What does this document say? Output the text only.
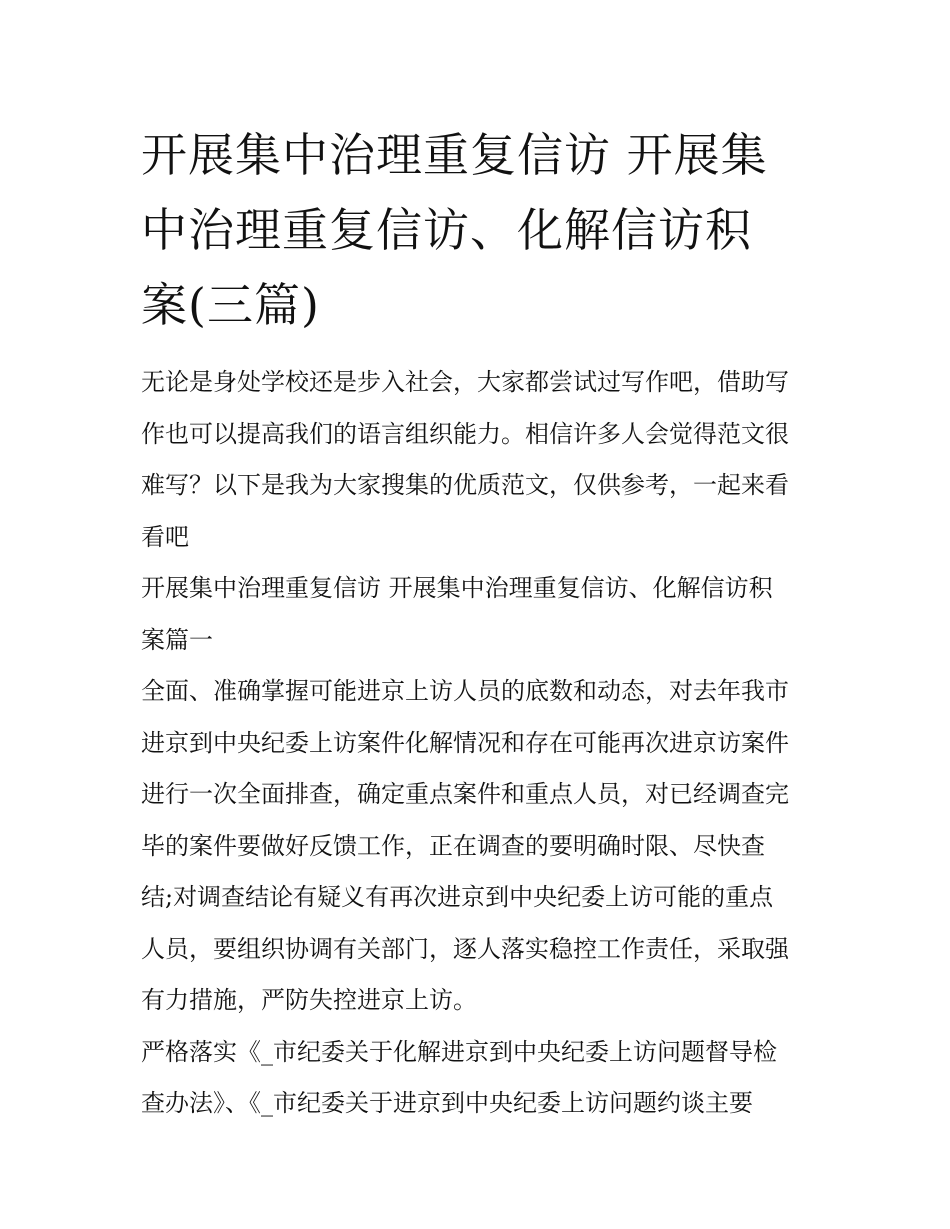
开展集中治理重复信访 开展集
中治理重复信访、化解信访积
案(三篇)

无论是身处学校还是步入社会，大家都尝试过写作吧，借助写
作也可以提高我们的语言组织能力。相信许多人会觉得范文很
难写？以下是我为大家搜集的优质范文，仅供参考，一起来看
看吧

开展集中治理重复信访 开展集中治理重复信访、化解信访积
案篇一

全面、准确掌握可能进京上访人员的底数和动态，对去年我市
进京到中央纪委上访案件化解情况和存在可能再次进京访案件
进行一次全面排查，确定重点案件和重点人员，对已经调查完
毕的案件要做好反馈工作，正在调查的要明确时限、尽快查
结;对调查结论有疑义有再次进京到中央纪委上访可能的重点
人员，要组织协调有关部门，逐人落实稳控工作责任，采取强
有力措施，严防失控进京上访。

严格落实《_市纪委关于化解进京到中央纪委上访问题督导检
查办法》、《_市纪委关于进京到中央纪委上访问题约谈主要
